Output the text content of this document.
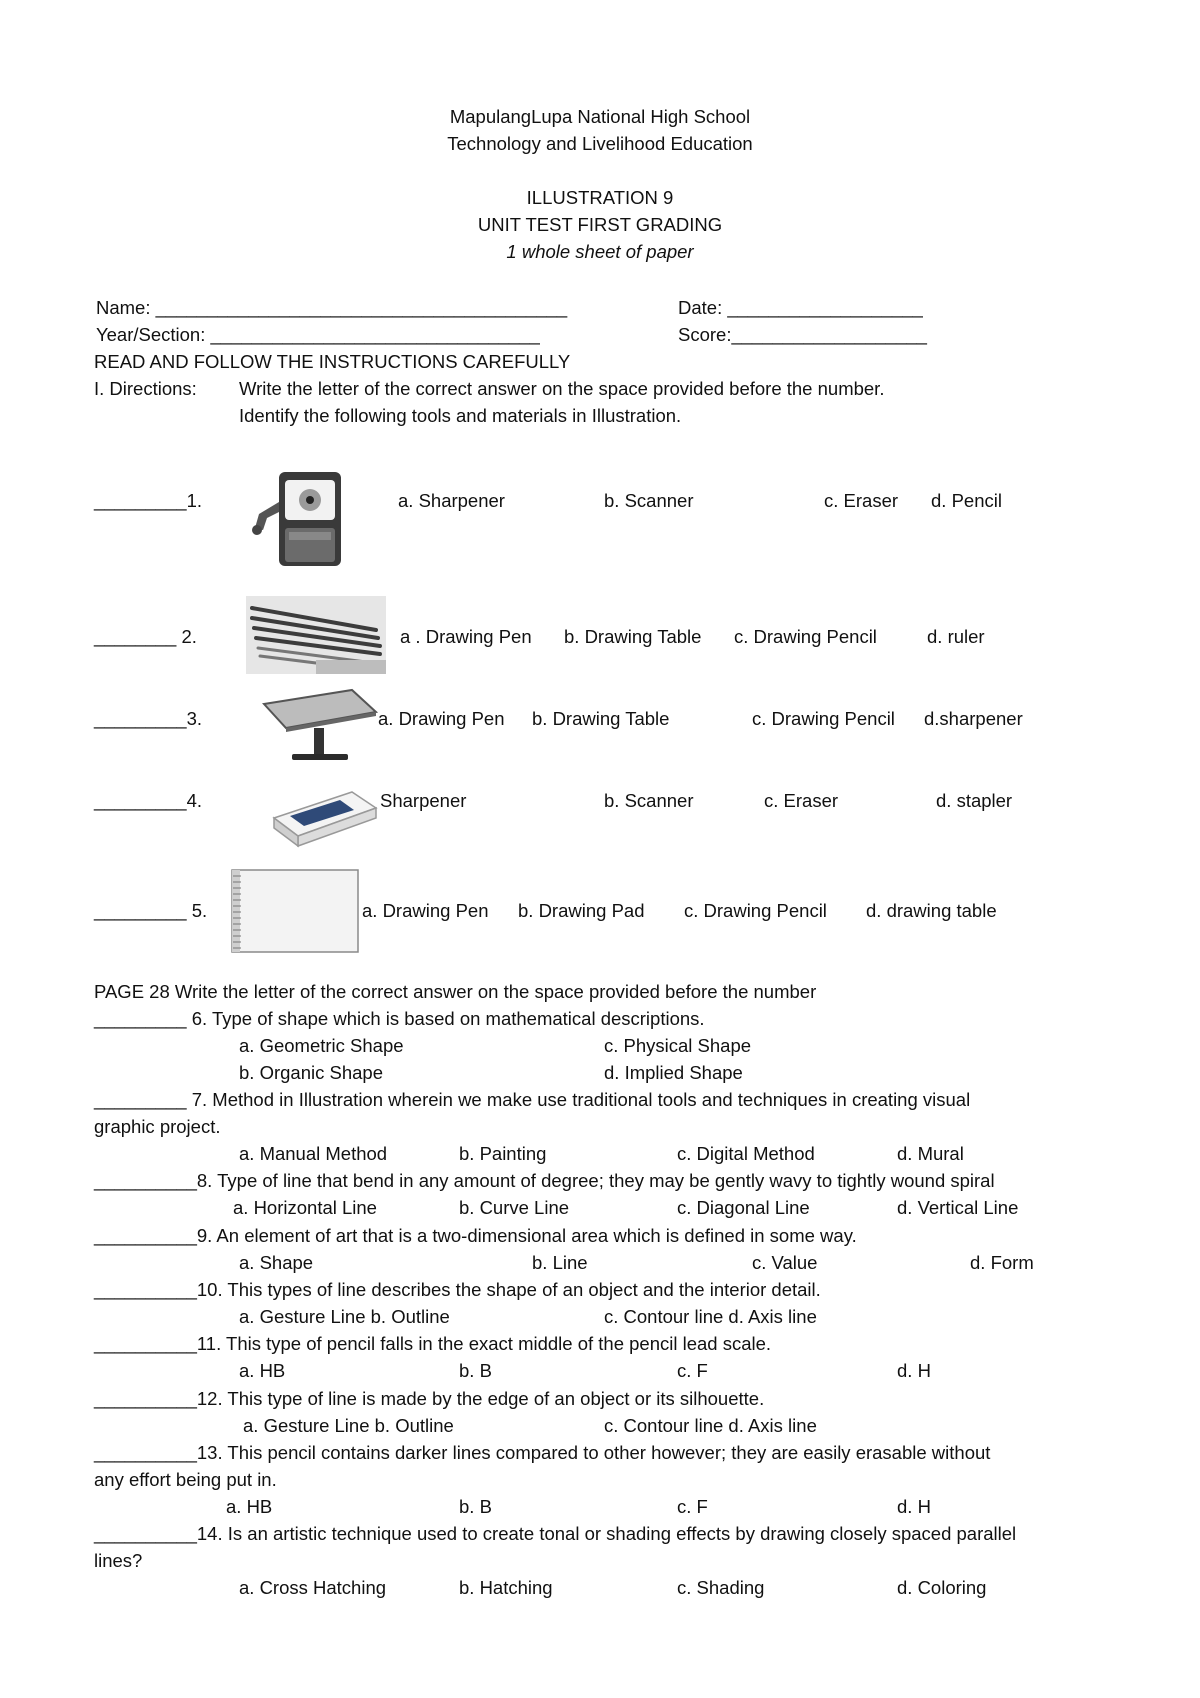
MapulangLupa National High School
Technology and Livelihood Education
ILLUSTRATION 9
UNIT TEST FIRST GRADING
1 whole sheet of paper
Name: ________________________________________	Date: ___________________
Year/Section: ________________________________	Score:___________________
READ AND FOLLOW THE INSTRUCTIONS CAREFULLY
I. Directions: Write the letter of the correct answer on the space provided before the number.
Identify the following tools and materials in Illustration.
_________1.	a. Sharpener	b. Scanner	c. Eraser d. Pencil
________ 2.	a . Drawing Pen b. Drawing Table c. Drawing Pencil	d. ruler
_________3.	a. Drawing Pen b. Drawing Table	c. Drawing Pencil d.sharpener
_________4.	Sharpener	b. Scanner	c. Eraser	d. stapler
_________ 5.	a. Drawing Pen b. Drawing Pad c. Drawing Pencil d. drawing table
PAGE 28 Write the letter of the correct answer on the space provided before the number
_________ 6. Type of shape which is based on mathematical descriptions.
a. Geometric Shape	c. Physical Shape
b. Organic Shape	d. Implied Shape
_________ 7. Method in Illustration wherein we make use traditional tools and techniques in creating visual
graphic project.
a. Manual Method	b. Painting	c. Digital Method	d. Mural
__________8. Type of line that bend in any amount of degree; they may be gently wavy to tightly wound spiral
a. Horizontal Line	b. Curve Line	c. Diagonal Line	d. Vertical Line
__________9. An element of art that is a two-dimensional area which is defined in some way.
a. Shape	b. Line	c. Value	d. Form
__________10. This types of line describes the shape of an object and the interior detail.
a. Gesture Line b. Outline	c. Contour line d. Axis line
__________11. This type of pencil falls in the exact middle of the pencil lead scale.
a. HB	b. B	c. F	d. H
__________12. This type of line is made by the edge of an object or its silhouette.
a. Gesture Line b. Outline	c. Contour line d. Axis line
__________13. This pencil contains darker lines compared to other however; they are easily erasable without
any effort being put in.
a. HB	b. B	c. F	d. H
__________14. Is an artistic technique used to create tonal or shading effects by drawing closely spaced parallel
lines?
a. Cross Hatching	b. Hatching	c. Shading	d. Coloring
